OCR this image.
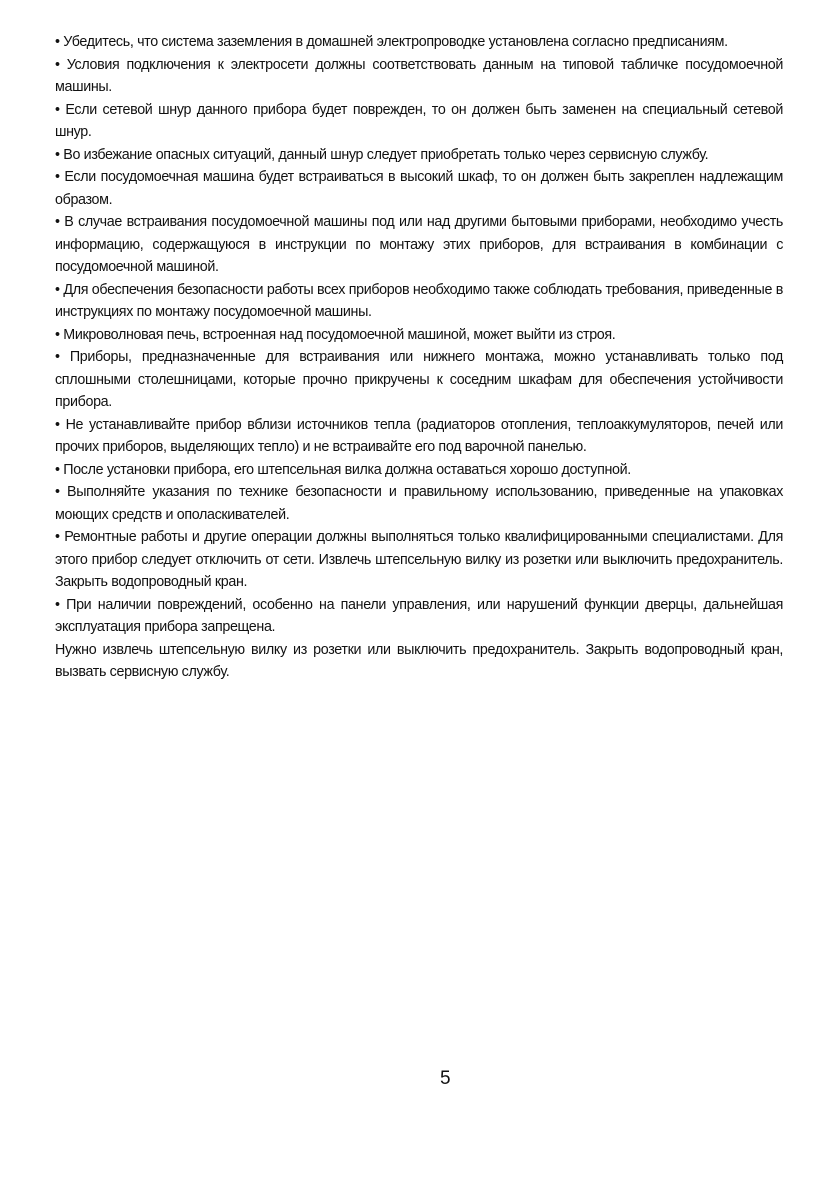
• Убедитесь, что система заземления в домашней электропроводке установлена согласно предписаниям.

• Условия подключения к электросети должны соответствовать данным на типовой табличке посудомоечной машины.

• Если сетевой шнур данного прибора будет поврежден, то он должен быть заменен на специальный сетевой шнур.

• Во избежание опасных ситуаций, данный шнур следует приобретать только через сервисную службу.

• Если посудомоечная машина будет встраиваться в высокий шкаф, то он должен быть закреплен надлежащим образом.

• В случае встраивания посудомоечной машины под или над другими бытовыми приборами, необходимо учесть информацию, содержащуюся в инструкции по монтажу этих приборов, для встраивания в комбинации с посудомоечной машиной.

• Для обеспечения безопасности работы всех приборов необходимо также соблюдать требования, приведенные в инструкциях по монтажу посудомоечной машины.

• Микроволновая печь, встроенная над посудомоечной машиной, может выйти из строя.

• Приборы, предназначенные для встраивания или нижнего монтажа, можно устанавливать только под сплошными столешницами, которые прочно прикручены к соседним шкафам для обеспечения устойчивости прибора.

• Не устанавливайте прибор вблизи источников тепла (радиаторов отопления, теплоаккумуляторов, печей или прочих приборов, выделяющих тепло) и не встраивайте его под варочной панелью.

• После установки прибора, его штепсельная вилка должна оставаться хорошо доступной.

• Выполняйте указания по технике безопасности и правильному использованию, приведенные на упаковках моющих средств и ополаскивателей.

• Ремонтные работы и другие операции должны выполняться только квалифицированными специалистами. Для этого прибор следует отключить от сети. Извлечь штепсельную вилку из розетки или выключить предохранитель. Закрыть водопроводный кран.

• При наличии повреждений, особенно на панели управления, или нарушений функции дверцы, дальнейшая эксплуатация прибора запрещена.

Нужно извлечь штепсельную вилку из розетки или выключить предохранитель. Закрыть водопроводный кран, вызвать сервисную службу.

5
